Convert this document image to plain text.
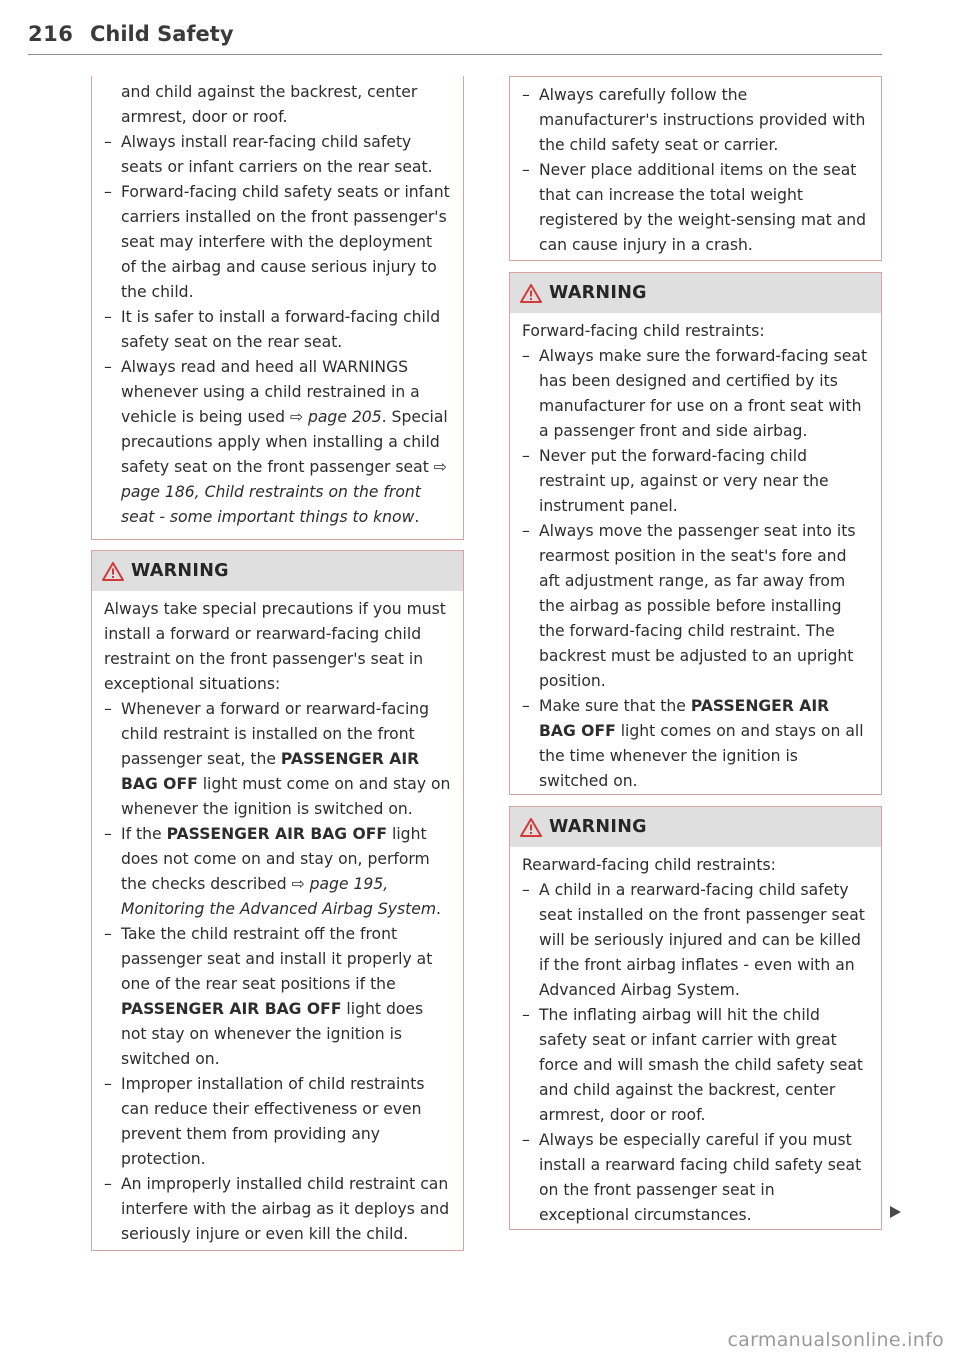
216 Child Safety

and child against the backrest, center armrest, door or roof.

– Always install rear-facing child safety seats or infant carriers on the rear seat.

– Forward-facing child safety seats or infant carriers installed on the front passenger's seat may interfere with the deployment of the airbag and cause serious injury to the child.

– It is safer to install a forward-facing child safety seat on the rear seat.

– Always read and heed all WARNINGS whenever using a child restrained in a vehicle is being used ⇨ page 205. Special precautions apply when installing a child safety seat on the front passenger seat ⇨ page 186, Child restraints on the front seat - some important things to know.

WARNING

Always take special precautions if you must install a forward or rearward-facing child restraint on the front passenger's seat in exceptional situations:

– Whenever a forward or rearward-facing child restraint is installed on the front passenger seat, the PASSENGER AIR BAG OFF light must come on and stay on whenever the ignition is switched on.

– If the PASSENGER AIR BAG OFF light does not come on and stay on, perform the checks described ⇨ page 195, Monitoring the Advanced Airbag System.

– Take the child restraint off the front passenger seat and install it properly at one of the rear seat positions if the PASSENGER AIR BAG OFF light does not stay on whenever the ignition is switched on.

– Improper installation of child restraints can reduce their effectiveness or even prevent them from providing any protection.

– An improperly installed child restraint can interfere with the airbag as it deploys and seriously injure or even kill the child.

– Always carefully follow the manufacturer's instructions provided with the child safety seat or carrier.

– Never place additional items on the seat that can increase the total weight registered by the weight-sensing mat and can cause injury in a crash.

WARNING

Forward-facing child restraints:

– Always make sure the forward-facing seat has been designed and certified by its manufacturer for use on a front seat with a passenger front and side airbag.

– Never put the forward-facing child restraint up, against or very near the instrument panel.

– Always move the passenger seat into its rearmost position in the seat's fore and aft adjustment range, as far away from the airbag as possible before installing the forward-facing child restraint. The backrest must be adjusted to an upright position.

– Make sure that the PASSENGER AIR BAG OFF light comes on and stays on all the time whenever the ignition is switched on.

WARNING

Rearward-facing child restraints:

– A child in a rearward-facing child safety seat installed on the front passenger seat will be seriously injured and can be killed if the front airbag inflates - even with an Advanced Airbag System.

– The inflating airbag will hit the child safety seat or infant carrier with great force and will smash the child safety seat and child against the backrest, center armrest, door or roof.

– Always be especially careful if you must install a rearward facing child safety seat on the front passenger seat in exceptional circumstances.

carmanualsonline.info
